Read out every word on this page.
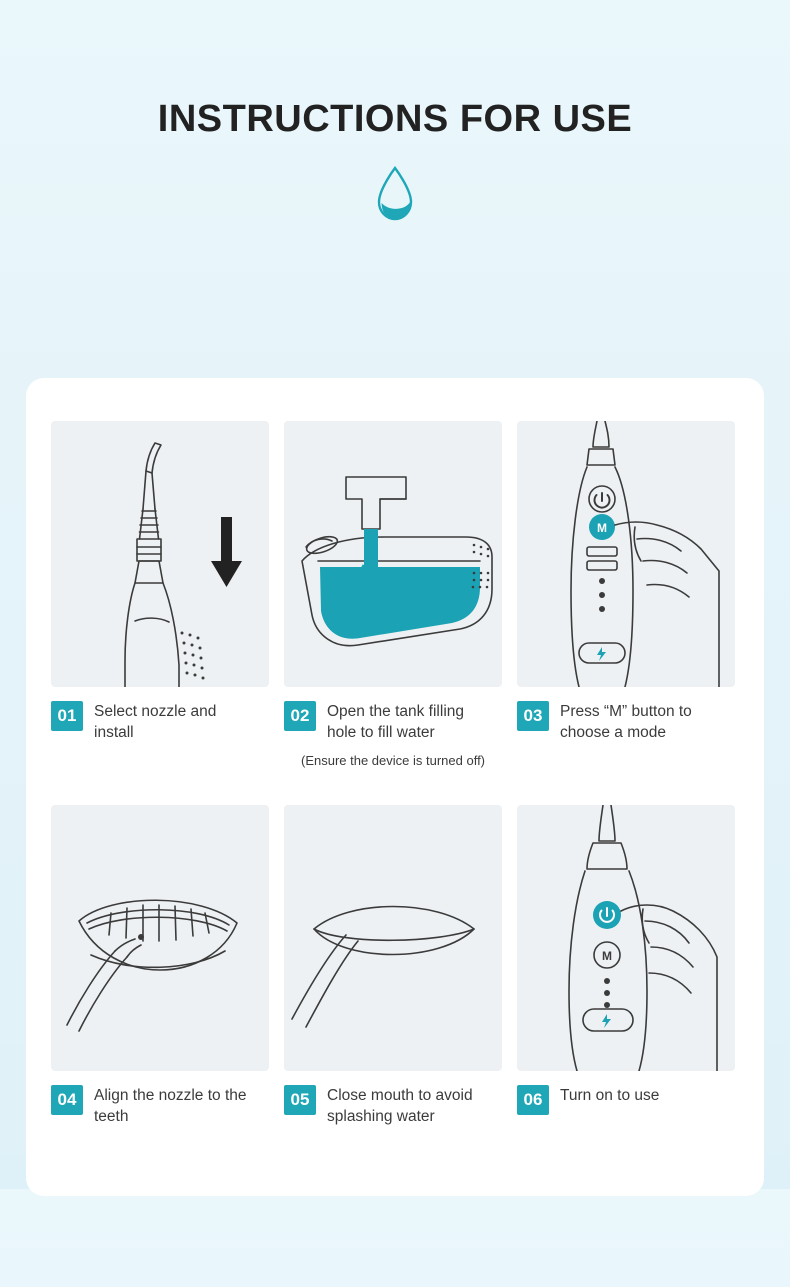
INSTRUCTIONS FOR USE
01	Select nozzle and install
02	Open the tank filling hole to fill water
(Ensure the device is turned off)
M
03	Press “M” button to choose a mode
04	Align the nozzle to the teeth
05	Close mouth to avoid splashing water
M
06	Turn on to use
